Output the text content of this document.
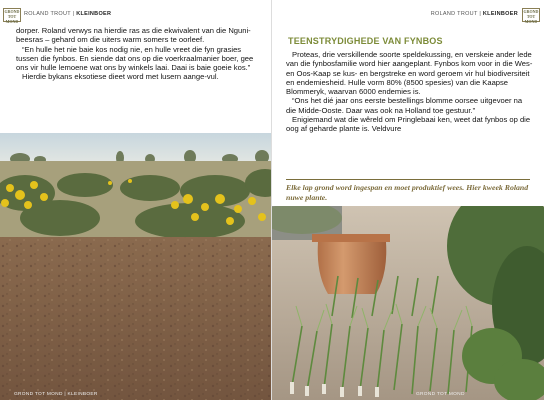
GROND TOT MOND
ROLAND TROUT | KLEINBOER

dorper. Roland verwys na hierdie ras as die ekwivalent van die Nguni-beesras – gehard om die uiters warm somers te oorleef.

“En hulle het nie baie kos nodig nie, en hulle vreet die fyn grasies tussen die fynbos. En siende dat ons op die voerkraalmanier boer, gee ons vir hulle lemoene wat ons by winkels laai. Daai is baie goeie kos.”

Hierdie bykans eksotiese dieet word met lusern aange-vul.

GROND TOT MOND | KLEINBOER
ROLAND TROUT | KLEINBOER	GROND TOT MOND
TEENSTRYDIGHEDE VAN FYNBOS

Proteas, drie verskillende soorte speldekussing, en verskeie ander lede van die fynbosfamilie word hier aangeplant. Fynbos kom voor in die Wes- en Oos-Kaap se kus- en bergstreke en word geroem vir hul biodiversiteit en endemiesheid. Hulle vorm 80% (8500 spesies) van die Kaapse Blommeryk, waarvan 6000 endemies is.

“Ons het dié jaar ons eerste bestellings blomme oorsee uitgevoer na die Midde-Ooste. Daar was ook na Holland toe gestuur.”

Enigiemand wat die wêreld om Pringlebaai ken, weet dat fynbos op die oog af geharde plante is. Veldvure

Elke lap grond word ingespan en moet produktief wees. Hier kweek Roland nuwe plante.
GROND TOT MOND
